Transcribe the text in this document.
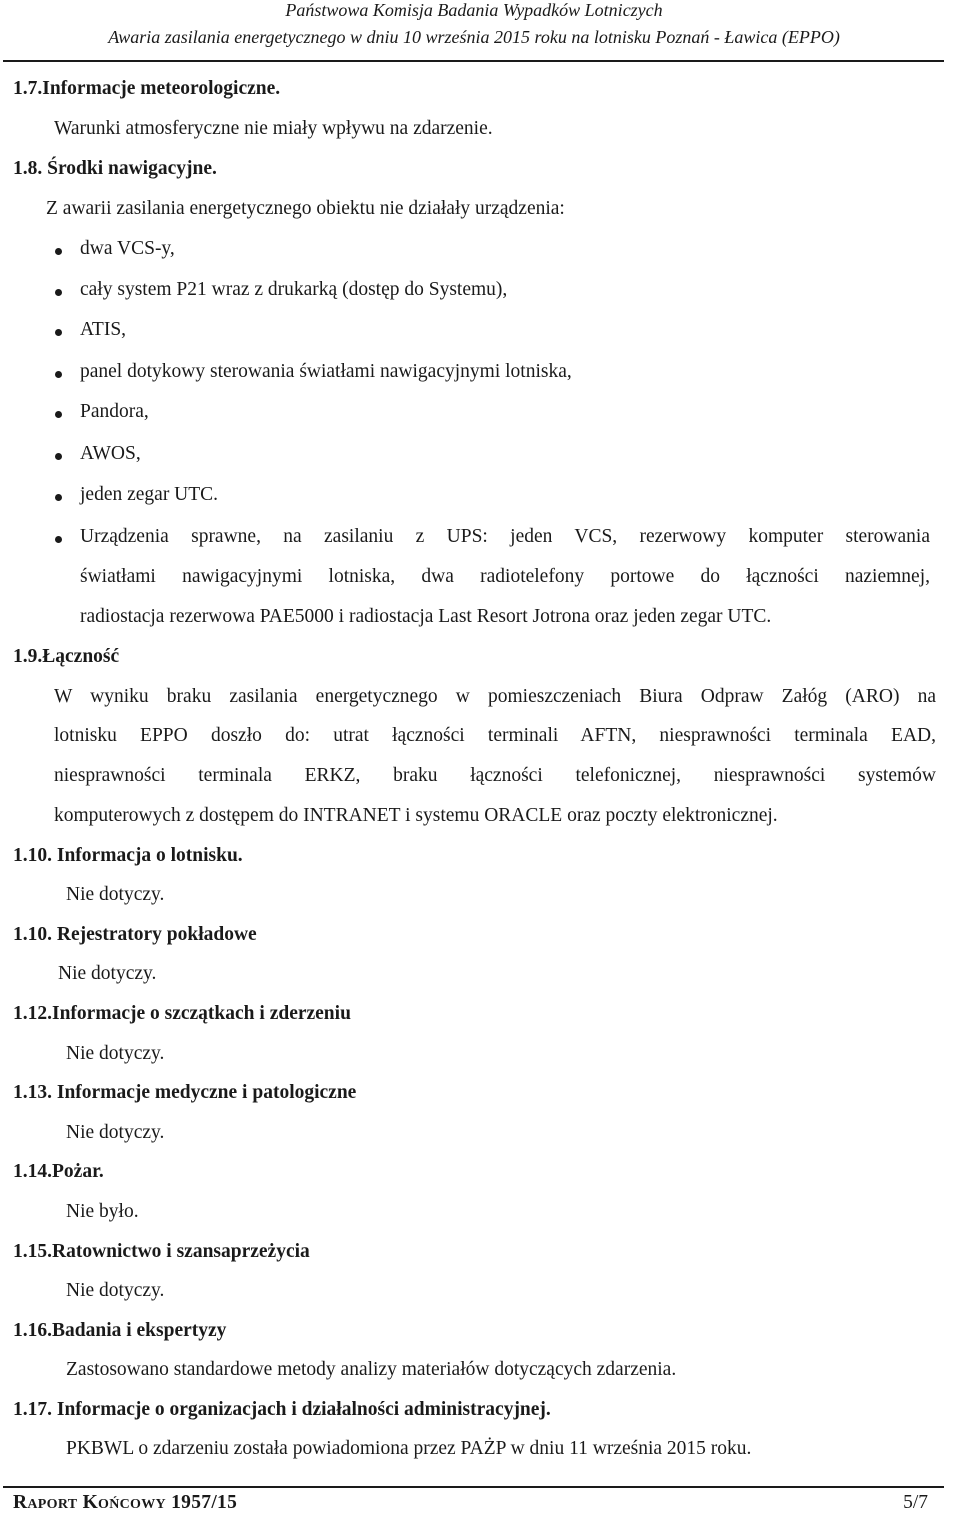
Państwowa Komisja Badania Wypadków Lotniczych
Awaria zasilania energetycznego w dniu 10 września 2015 roku na lotnisku Poznań - Ławica (EPPO)
1.7.Informacje meteorologiczne.
Warunki atmosferyczne nie miały wpływu na zdarzenie.
1.8. Środki nawigacyjne.
Z awarii zasilania energetycznego obiektu nie działały urządzenia:
dwa VCS-y,
cały system P21 wraz z drukarką (dostęp do Systemu),
ATIS,
panel dotykowy sterowania światłami nawigacyjnymi lotniska,
Pandora,
AWOS,
jeden zegar UTC.
Urządzenia sprawne, na zasilaniu z UPS: jeden VCS, rezerwowy komputer sterowania
światłami nawigacyjnymi lotniska, dwa radiotelefony portowe do łączności naziemnej,
radiostacja rezerwowa PAE5000 i radiostacja Last Resort Jotrona oraz jeden zegar UTC.
1.9.Łączność
W wyniku braku zasilania energetycznego w pomieszczeniach Biura Odpraw Załóg (ARO) na
lotnisku EPPO doszło do: utrat łączności terminali AFTN, niesprawności terminala EAD,
niesprawności terminala ERKZ, braku łączności telefonicznej, niesprawności systemów
komputerowych z dostępem do INTRANET i systemu ORACLE oraz poczty elektronicznej.
1.10. Informacja o lotnisku.
Nie dotyczy.
1.10. Rejestratory pokładowe
Nie dotyczy.
1.12.Informacje o szczątkach i zderzeniu
Nie dotyczy.
1.13. Informacje medyczne i patologiczne
Nie dotyczy.
1.14.Pożar.
Nie było.
1.15.Ratownictwo i szansaprzeżycia
Nie dotyczy.
1.16.Badania i ekspertyzy
Zastosowano standardowe metody analizy materiałów dotyczących zdarzenia.
1.17. Informacje o organizacjach i działalności administracyjnej.
PKBWL o zdarzeniu została powiadomiona przez PAŻP w dniu 11 września 2015 roku.
Raport Końcowy 1957/15	5/7
